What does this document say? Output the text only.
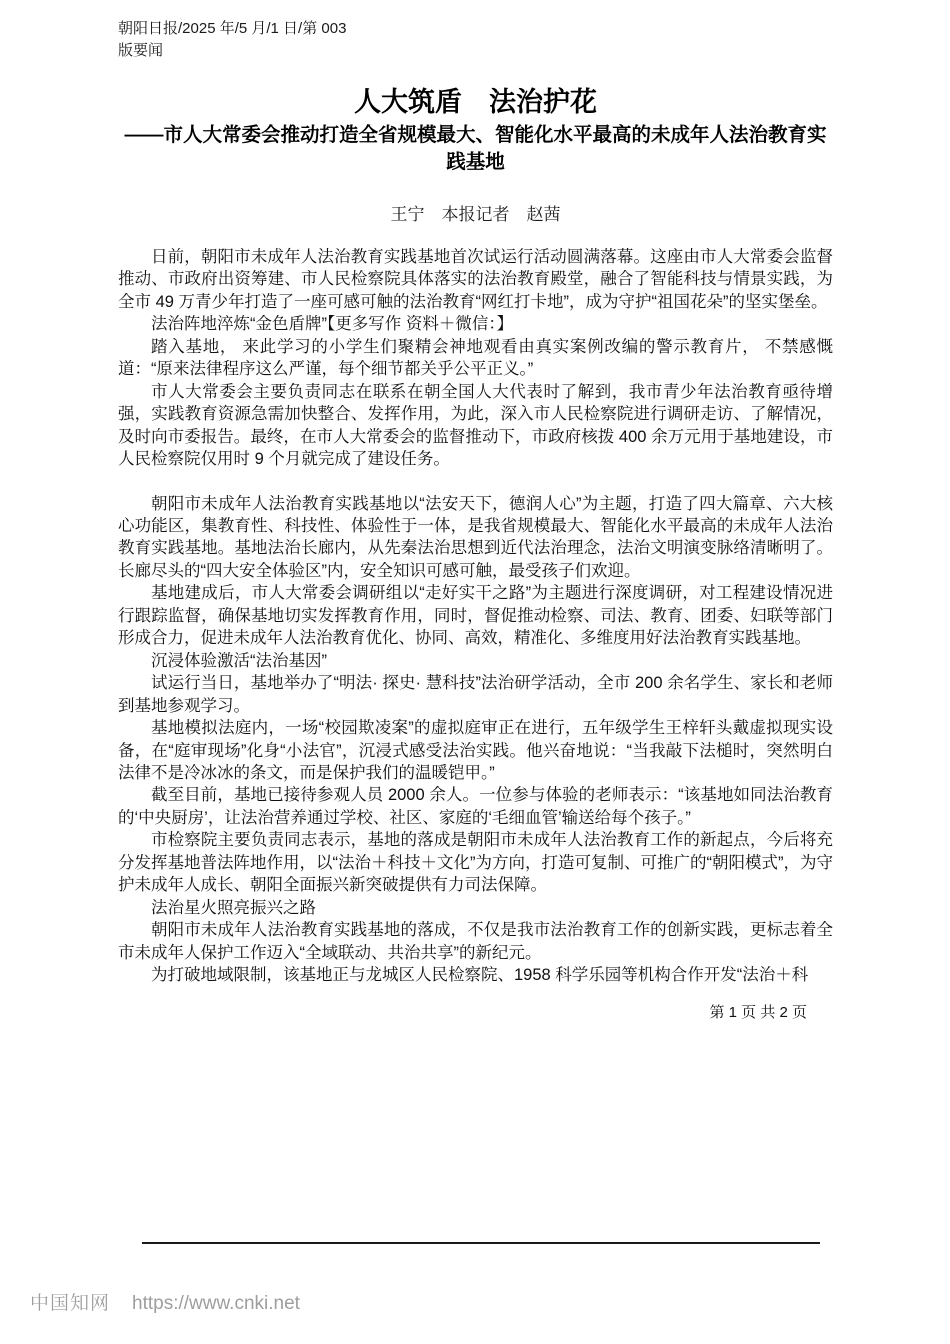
朝阳日报/2025 年/5 月/1 日/第 003
版要闻
人大筑盾　法治护花
——市人大常委会推动打造全省规模最大、智能化水平最高的未成年人法治教育实践基地
王宁　本报记者　赵茜

日前，朝阳市未成年人法治教育实践基地首次试运行活动圆满落幕。这座由市人大常委会监督推动、市政府出资筹建、市人民检察院具体落实的法治教育殿堂，融合了智能科技与情景实践，为全市 49 万青少年打造了一座可感可触的法治教育“网红打卡地”，成为守护“祖国花朵”的坚实堡垒。

法治阵地淬炼“金色盾牌”【更多写作 资料＋微信：】

踏入基地， 来此学习的小学生们聚精会神地观看由真实案例改编的警示教育片， 不禁感慨道：“原来法律程序这么严谨，每个细节都关乎公平正义。”

市人大常委会主要负责同志在联系在朝全国人大代表时了解到，我市青少年法治教育亟待增强，实践教育资源急需加快整合、发挥作用，为此，深入市人民检察院进行调研走访、了解情况，及时向市委报告。最终，在市人大常委会的监督推动下，市政府核拨 400 余万元用于基地建设，市人民检察院仅用时 9 个月就完成了建设任务。

朝阳市未成年人法治教育实践基地以“法安天下，德润人心”为主题，打造了四大篇章、六大核心功能区，集教育性、科技性、体验性于一体，是我省规模最大、智能化水平最高的未成年人法治教育实践基地。基地法治长廊内，从先秦法治思想到近代法治理念，法治文明演变脉络清晰明了。长廊尽头的“四大安全体验区”内，安全知识可感可触，最受孩子们欢迎。

基地建成后，市人大常委会调研组以“走好实干之路”为主题进行深度调研，对工程建设情况进行跟踪监督，确保基地切实发挥教育作用，同时，督促推动检察、司法、教育、团委、妇联等部门形成合力，促进未成年人法治教育优化、协同、高效，精准化、多维度用好法治教育实践基地。

沉浸体验激活“法治基因”

试运行当日，基地举办了“明法· 探史· 慧科技”法治研学活动，全市 200 余名学生、家长和老师到基地参观学习。

基地模拟法庭内，一场“校园欺凌案”的虚拟庭审正在进行，五年级学生王梓轩头戴虚拟现实设备，在“庭审现场”化身“小法官”，沉浸式感受法治实践。他兴奋地说：“当我敲下法槌时，突然明白法律不是冷冰冰的条文，而是保护我们的温暖铠甲。”

截至目前，基地已接待参观人员 2000 余人。一位参与体验的老师表示：“该基地如同法治教育的‘中央厨房’，让法治营养通过学校、社区、家庭的‘毛细血管’输送给每个孩子。”

市检察院主要负责同志表示，基地的落成是朝阳市未成年人法治教育工作的新起点，今后将充分发挥基地普法阵地作用，以“法治＋科技＋文化”为方向，打造可复制、可推广的“朝阳模式”，为守护未成年人成长、朝阳全面振兴新突破提供有力司法保障。

法治星火照亮振兴之路

朝阳市未成年人法治教育实践基地的落成，不仅是我市法治教育工作的创新实践，更标志着全市未成年人保护工作迈入“全域联动、共治共享”的新纪元。

为打破地域限制，该基地正与龙城区人民检察院、1958 科学乐园等机构合作开发“法治＋科

第 1 页 共 2 页
中国知网 https://www.cnki.net
